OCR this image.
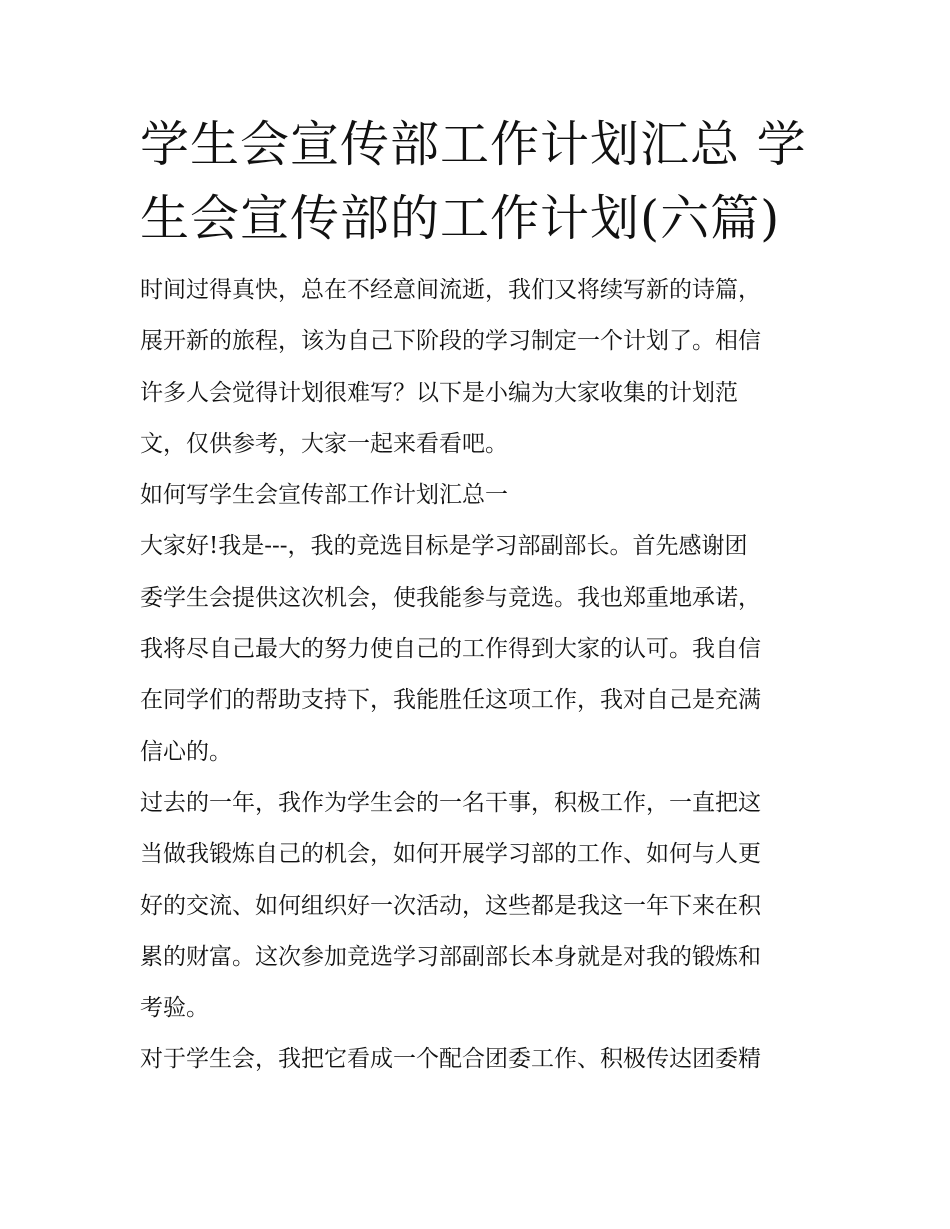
学生会宣传部工作计划汇总 学
生会宣传部的工作计划(六篇)

时间过得真快，总在不经意间流逝，我们又将续写新的诗篇，
展开新的旅程，该为自己下阶段的学习制定一个计划了。相信
许多人会觉得计划很难写？以下是小编为大家收集的计划范
文，仅供参考，大家一起来看看吧。

如何写学生会宣传部工作计划汇总一

大家好!我是---，我的竞选目标是学习部副部长。首先感谢团
委学生会提供这次机会，使我能参与竞选。我也郑重地承诺，
我将尽自己最大的努力使自己的工作得到大家的认可。我自信
在同学们的帮助支持下，我能胜任这项工作，我对自己是充满
信心的。

过去的一年，我作为学生会的一名干事，积极工作，一直把这
当做我锻炼自己的机会，如何开展学习部的工作、如何与人更
好的交流、如何组织好一次活动，这些都是我这一年下来在积
累的财富。这次参加竞选学习部副部长本身就是对我的锻炼和
考验。

对于学生会，我把它看成一个配合团委工作、积极传达团委精
